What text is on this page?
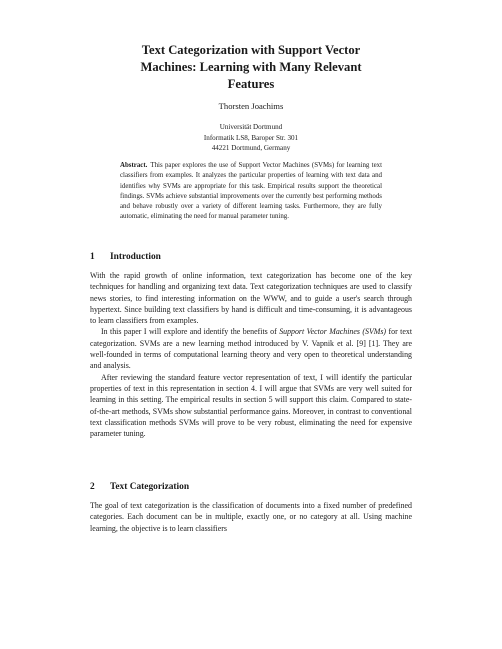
Text Categorization with Support Vector
Machines: Learning with Many Relevant
Features
Thorsten Joachims
Universität Dortmund
Informatik LS8, Baroper Str. 301
44221 Dortmund, Germany
Abstract. This paper explores the use of Support Vector Machines (SVMs) for learning text classifiers from examples. It analyzes the particular properties of learning with text data and identifies why SVMs are appropriate for this task. Empirical results support the theoretical findings. SVMs achieve substantial improvements over the currently best performing methods and behave robustly over a variety of different learning tasks. Furthermore, they are fully automatic, eliminating the need for manual parameter tuning.
1 Introduction

With the rapid growth of online information, text categorization has become one of the key techniques for handling and organizing text data. Text categorization techniques are used to classify news stories, to find interesting information on the WWW, and to guide a user's search through hypertext. Since building text classifiers by hand is difficult and time-consuming, it is advantageous to learn classifiers from examples.

In this paper I will explore and identify the benefits of Support Vector Machines (SVMs) for text categorization. SVMs are a new learning method introduced by V. Vapnik et al. [9] [1]. They are well-founded in terms of computational learning theory and very open to theoretical understanding and analysis.

After reviewing the standard feature vector representation of text, I will identify the particular properties of text in this representation in section 4. I will argue that SVMs are very well suited for learning in this setting. The empirical results in section 5 will support this claim. Compared to state-of-the-art methods, SVMs show substantial performance gains. Moreover, in contrast to conventional text classification methods SVMs will prove to be very robust, eliminating the need for expensive parameter tuning.

2 Text Categorization

The goal of text categorization is the classification of documents into a fixed number of predefined categories. Each document can be in multiple, exactly one, or no category at all. Using machine learning, the objective is to learn classifiers
